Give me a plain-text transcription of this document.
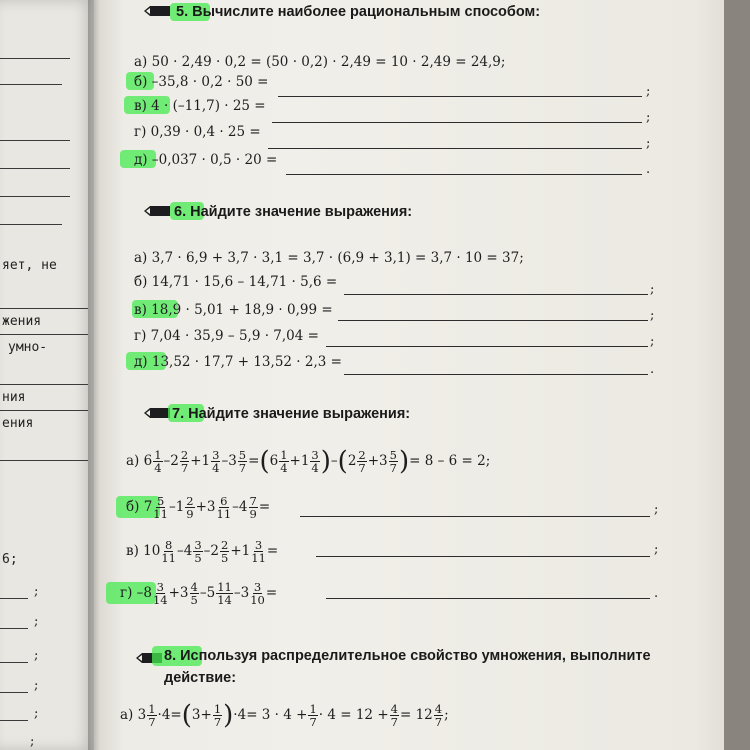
яет, не
жения
умно-
ния
ения
6;
;
;
;
;
;
;
5. Вычислите наиболее рациональным способом:
а) 50 · 2,49 · 0,2 = (50 · 0,2) · 2,49 = 10 · 2,49 = 24,9;
б) –35,8 · 0,2 · 50 =
;
в) 4 · (–11,7) · 25 =
;
г) 0,39 · 0,4 · 25 =
;
д) –0,037 · 0,5 · 20 =
.
6. Найдите значение выражения:
а) 3,7 · 6,9 + 3,7 · 3,1 = 3,7 · (6,9 + 3,1) = 3,7 · 10 = 37;
б) 14,71 · 15,6 – 14,71 · 5,6 =	;
в) 18,9 · 5,01 + 18,9 · 0,99 =	;
г) 7,04 · 35,9 – 5,9 · 7,04 =	;
д) 13,52 · 17,7 + 13,52 · 2,3 =	.
7. Найдите значение выражения:
а) $6 \frac{1}{4} -2 \frac{2}{7} +1 \frac{3}{4} -3 \frac{5}{7} =(6 \frac{1}{4} +1 \frac{3}{4} )-(2 \frac{2}{7} +3 \frac{5}{7}$ )= 8 – 6 = 2;
б) $7 \frac{5}{11} -1 \frac{2}{9} +3 \frac{6}{11} -4 \frac{7}{9}$ =	;
в) $10 \frac{8}{11} -4 \frac{3}{5} -2 \frac{2}{5} +1 \frac{3}{11}$ =	;
г) $-8 \frac{3}{14} +3 \frac{4}{5} -5 \frac{11}{14} -3 \frac{3}{10}$ =	.
8. Используя распределительное свойство умножения, выполните
действие:
а) $3 \frac{1}{7} \cdot 4=(3+ \frac{1}{7} )\cdot 4= 3 \cdot 4 + \frac{1}{7} \cdot 4 = 12 + \frac{4}{7} = 12 \frac{4}{7}$ ;
